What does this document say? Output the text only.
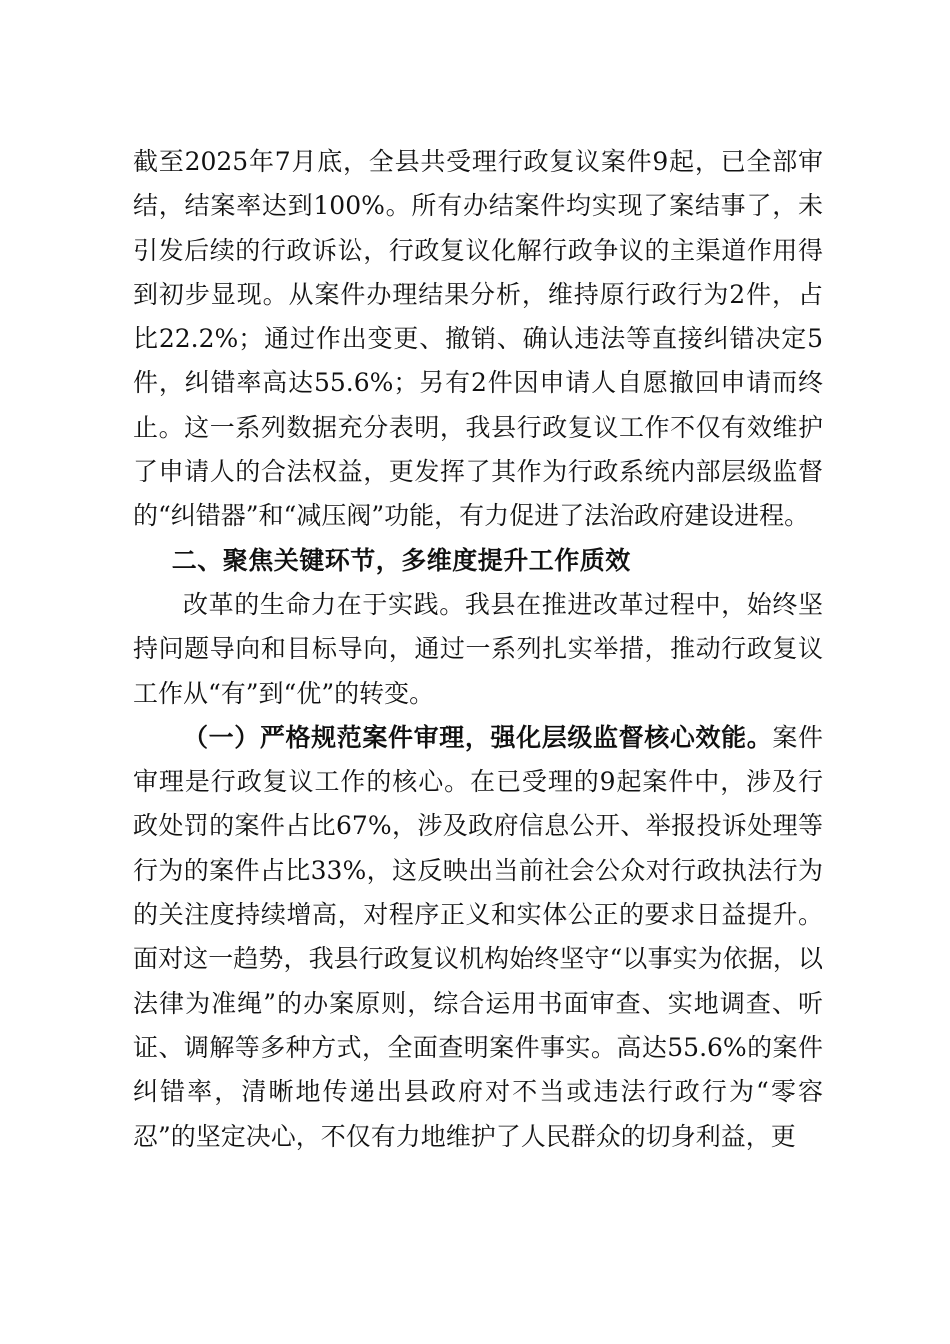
截至2025年7月底，全县共受理行政复议案件9起，已全部审结，结案率达到100%。所有办结案件均实现了案结事了，未引发后续的行政诉讼，行政复议化解行政争议的主渠道作用得到初步显现。从案件办理结果分析，维持原行政行为2件，占比22.2%；通过作出变更、撤销、确认违法等直接纠错决定5件，纠错率高达55.6%；另有2件因申请人自愿撤回申请而终止。这一系列数据充分表明，我县行政复议工作不仅有效维护了申请人的合法权益，更发挥了其作为行政系统内部层级监督的“纠错器”和“减压阀”功能，有力促进了法治政府建设进程。

二、聚焦关键环节，多维度提升工作质效

改革的生命力在于实践。我县在推进改革过程中，始终坚持问题导向和目标导向，通过一系列扎实举措，推动行政复议工作从“有”到“优”的转变。

（一）严格规范案件审理，强化层级监督核心效能。案件审理是行政复议工作的核心。在已受理的9起案件中，涉及行政处罚的案件占比67%，涉及政府信息公开、举报投诉处理等行为的案件占比33%，这反映出当前社会公众对行政执法行为的关注度持续增高，对程序正义和实体公正的要求日益提升。面对这一趋势，我县行政复议机构始终坚守“以事实为依据，以法律为准绳”的办案原则，综合运用书面审查、实地调查、听证、调解等多种方式，全面查明案件事实。高达55.6%的案件纠错率，清晰地传递出县政府对不当或违法行政行为“零容忍”的坚定决心，不仅有力地维护了人民群众的切身利益，更
